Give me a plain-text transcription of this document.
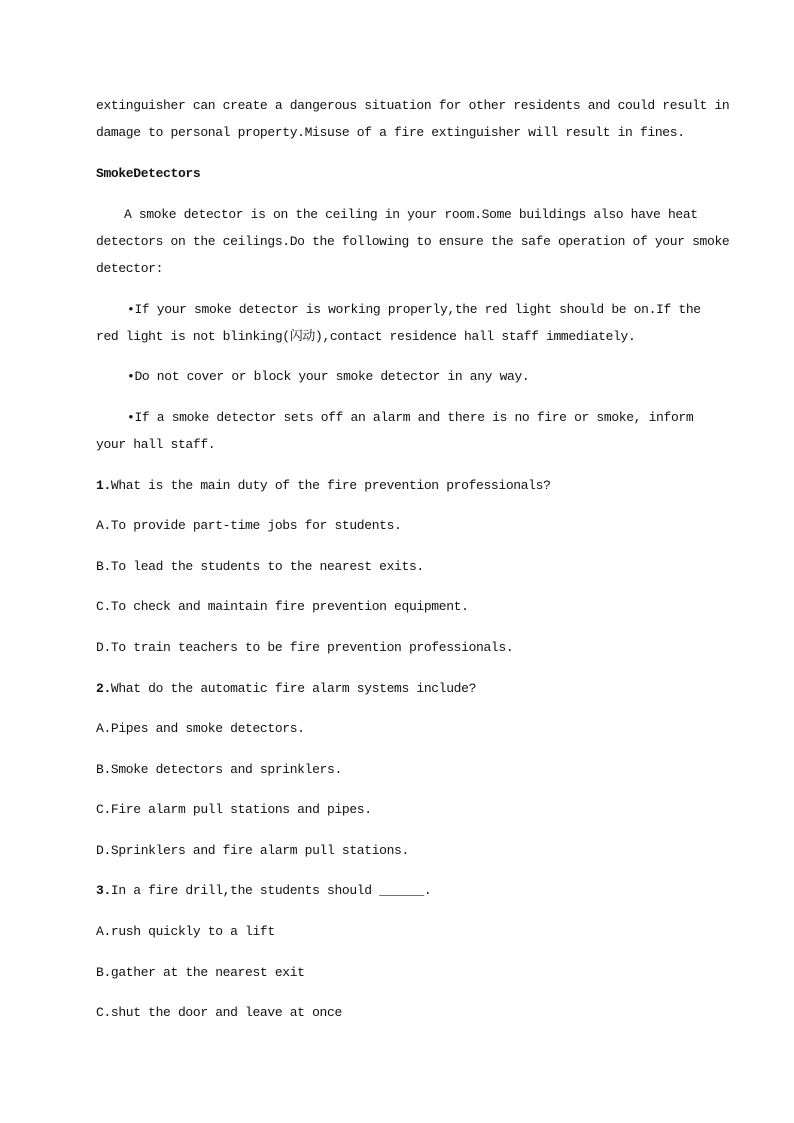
extinguisher can create a dangerous situation for other residents and could result in
damage to personal property.Misuse of a fire extinguisher will result in fines.
SmokeDetectors
A smoke detector is on the ceiling in your room.Some buildings also have heat
detectors on the ceilings.Do the following to ensure the safe operation of your smoke
detector:
•If your smoke detector is working properly,the red light should be on.If the
red light is not blinking(闪动),contact residence hall staff immediately.
•Do not cover or block your smoke detector in any way.
•If a smoke detector sets off an alarm and there is no fire or smoke, inform
your hall staff.
1.What is the main duty of the fire prevention professionals?
A.To provide part-time jobs for students.
B.To lead the students to the nearest exits.
C.To check and maintain fire prevention equipment.
D.To train teachers to be fire prevention professionals.
2.What do the automatic fire alarm systems include?
A.Pipes and smoke detectors.
B.Smoke detectors and sprinklers.
C.Fire alarm pull stations and pipes.
D.Sprinklers and fire alarm pull stations.
3.In a fire drill,the students should ______.
A.rush quickly to a lift
B.gather at the nearest exit
C.shut the door and leave at once
